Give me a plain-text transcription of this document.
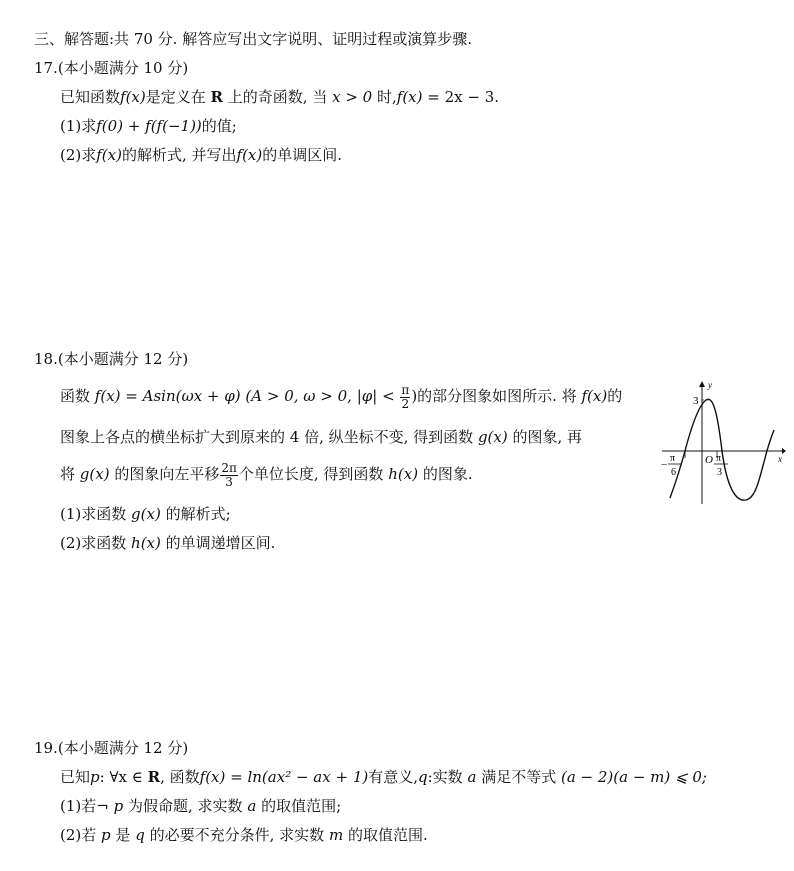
三、解答题:共 70 分. 解答应写出文字说明、证明过程或演算步骤.
17.(本小题满分 10 分)
已知函数f(x)是定义在 R 上的奇函数, 当 x > 0 时,f(x) = 2x − 3.
(1)求f(0) + f(f(−1))的值;
(2)求f(x)的解析式, 并写出f(x)的单调区间.
18.(本小题满分 12 分)
函数 f(x) = Asin(ωx + φ) (A > 0, ω > 0, $|\varphi| < \frac{\pi}{2}$ )的部分图象如图所示. 将 f(x)的
图象上各点的横坐标扩大到原来的 4 倍, 纵坐标不变, 得到函数 g(x) 的图象, 再
将 g(x) 的图象向左平移 $\frac{2\pi}{3}$ 个单位长度, 得到函数 h(x) 的图象.
(1)求函数 g(x) 的解析式;
(2)求函数 h(x) 的单调递增区间.
y
x
3
O
−
π
6
π
3
19.(本小题满分 12 分)
已知p: ∀x ∈ R, 函数f(x) = ln(ax² − ax + 1)有意义,q:实数 a 满足不等式 (a − 2)(a − m) ⩽ 0;
(1)若¬ p 为假命题, 求实数 a 的取值范围;
(2)若 p 是 q 的必要不充分条件, 求实数 m 的取值范围.
